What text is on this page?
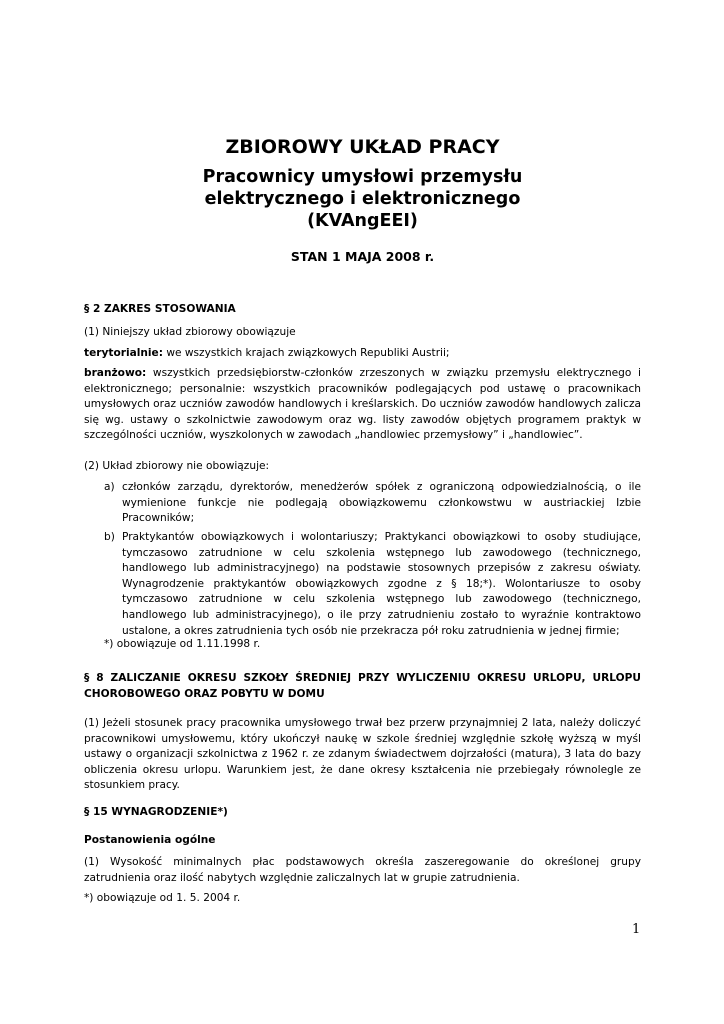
ZBIOROWY UKŁAD PRACY
Pracownicy umysłowi przemysłu
elektrycznego i elektronicznego
(KVAngEEI)
STAN 1 MAJA 2008 r.
§ 2 ZAKRES STOSOWANIA
(1) Niniejszy układ zbiorowy obowiązuje
terytorialnie: we wszystkich krajach związkowych Republiki Austrii;
branżowo: wszystkich przedsiębiorstw-członków zrzeszonych w związku przemysłu elektrycznego i elektronicznego; personalnie: wszystkich pracowników podlegających pod ustawę o pracownikach umysłowych oraz uczniów zawodów handlowych i kreślarskich. Do uczniów zawodów handlowych zalicza się wg. ustawy o szkolnictwie zawodowym oraz wg. listy zawodów objętych programem praktyk w szczególności uczniów, wyszkolonych w zawodach „handlowiec przemysłowy” i „handlowiec”.
(2) Układ zbiorowy nie obowiązuje:
a) członków zarządu, dyrektorów, menedżerów spółek z ograniczoną odpowiedzialnością, o ile wymienione funkcje nie podlegają obowiązkowemu członkowstwu w austriackiej Izbie Pracowników;
b) Praktykantów obowiązkowych i wolontariuszy; Praktykanci obowiązkowi to osoby studiujące, tymczasowo zatrudnione w celu szkolenia wstępnego lub zawodowego (technicznego, handlowego lub administracyjnego) na podstawie stosownych przepisów z zakresu oświaty. Wynagrodzenie praktykantów obowiązkowych zgodne z § 18;*). Wolontariusze to osoby tymczasowo zatrudnione w celu szkolenia wstępnego lub zawodowego (technicznego, handlowego lub administracyjnego), o ile przy zatrudnieniu zostało to wyraźnie kontraktowo ustalone, a okres zatrudnienia tych osób nie przekracza pół roku zatrudnienia w jednej firmie;
*) obowiązuje od 1.11.1998 r.
§ 8 ZALICZANIE OKRESU SZKOŁY ŚREDNIEJ PRZY WYLICZENIU OKRESU URLOPU, URLOPU CHOROBOWEGO ORAZ POBYTU W DOMU
(1) Jeżeli stosunek pracy pracownika umysłowego trwał bez przerw przynajmniej 2 lata, należy doliczyć pracownikowi umysłowemu, który ukończył naukę w szkole średniej względnie szkołę wyższą w myśl ustawy o organizacji szkolnictwa z 1962 r. ze zdanym świadectwem dojrzałości (matura), 3 lata do bazy obliczenia okresu urlopu. Warunkiem jest, że dane okresy kształcenia nie przebiegały równolegle ze stosunkiem pracy.
§ 15 WYNAGRODZENIE*)
Postanowienia ogólne
(1) Wysokość minimalnych płac podstawowych określa zaszeregowanie do określonej grupy zatrudnienia oraz ilość nabytych względnie zaliczalnych lat w grupie zatrudnienia.
*) obowiązuje od 1. 5. 2004 r.
1
